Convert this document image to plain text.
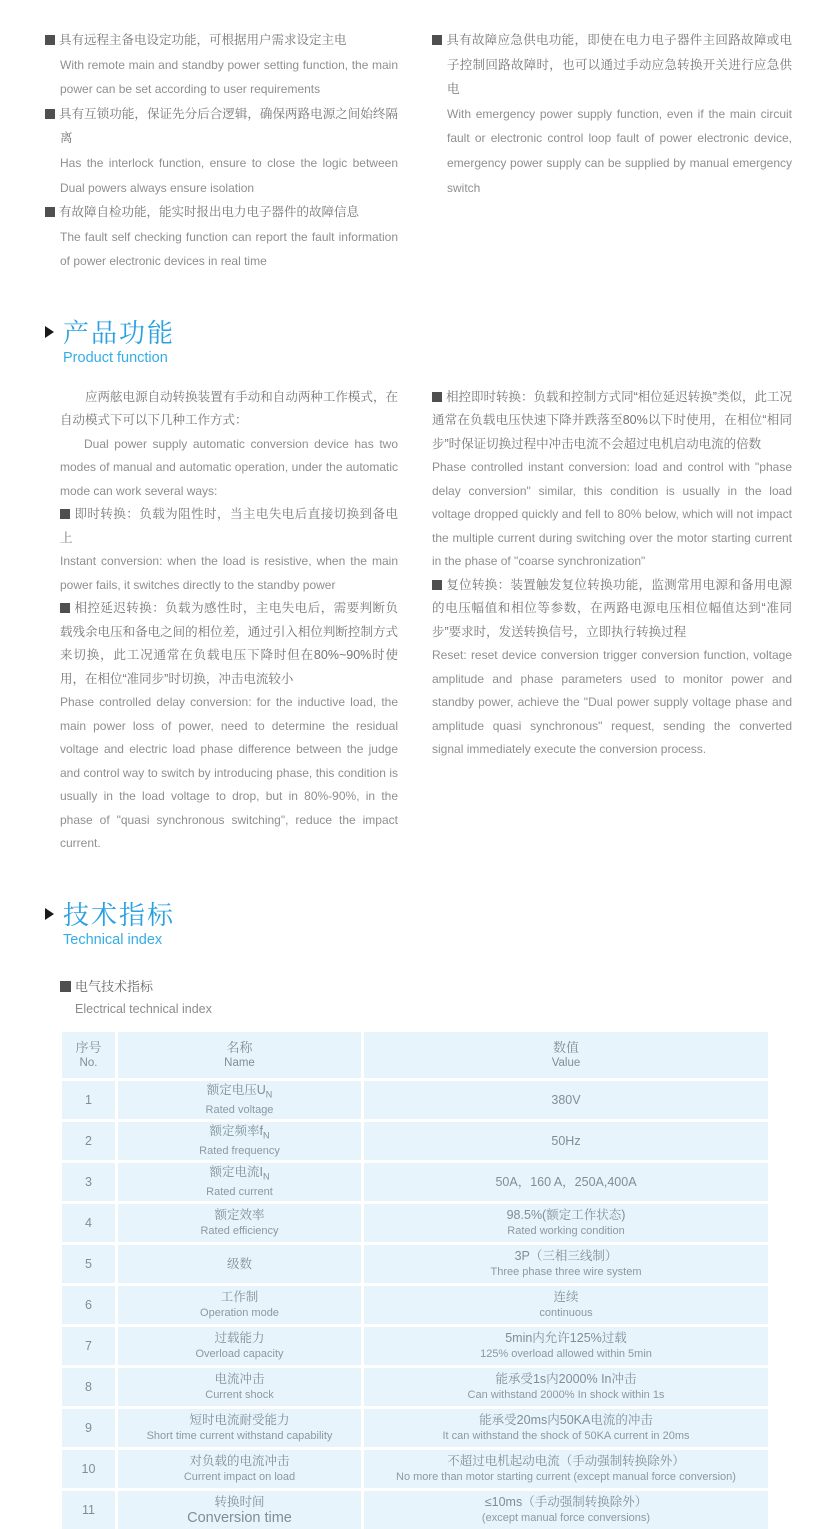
具有远程主备电设定功能，可根据用户需求设定主电
With remote main and standby power setting function, the main power can be set according to user requirements
具有互锁功能，保证先分后合逻辑，确保两路电源之间始终隔离
Has the interlock function, ensure to close the logic between Dual powers always ensure isolation
有故障自检功能，能实时报出电力电子器件的故障信息
The fault self checking function can report the fault information of power electronic devices in real time
具有故障应急供电功能，即使在电力电子器件主回路故障或电子控制回路故障时，也可以通过手动应急转换开关进行应急供电
With emergency power supply function, even if the main circuit fault or electronic control loop fault of power electronic device, emergency power supply can be supplied by manual emergency switch
产品功能
Product function
应两舷电源自动转换装置有手动和自动两种工作模式，在自动模式下可以下几种工作方式：
Dual power supply automatic conversion device has two modes of manual and automatic operation, under the automatic mode can work several ways:
即时转换：负载为阻性时，当主电失电后直接切换到备电上
Instant conversion: when the load is resistive, when the main power fails, it switches directly to the standby power
相控延迟转换：负载为感性时，主电失电后，需要判断负载残余电压和备电之间的相位差，通过引入相位判断控制方式来切换，此工况通常在负载电压下降时但在80%~90%时使用，在相位“准同步”时切换，冲击电流较小
Phase controlled delay conversion: for the inductive load, the main power loss of power, need to determine the residual voltage and electric load phase difference between the judge and control way to switch by introducing phase, this condition is usually in the load voltage to drop, but in 80%-90%, in the phase of "quasi synchronous switching", reduce the impact current.
相控即时转换：负载和控制方式同“相位延迟转换”类似，此工况通常在负载电压快速下降并跌落至80%以下时使用，在相位“相同步”时保证切换过程中冲击电流不会超过电机启动电流的倍数
Phase controlled instant conversion: load and control with "phase delay conversion" similar, this condition is usually in the load voltage dropped quickly and fell to 80% below, which will not impact the multiple current during switching over the motor starting current in the phase of "coarse synchronization"
复位转换：装置触发复位转换功能，监测常用电源和备用电源的电压幅值和相位等参数，在两路电源电压相位幅值达到“准同步”要求时，发送转换信号，立即执行转换过程
Reset: reset device conversion trigger conversion function, voltage amplitude and phase parameters used to monitor power and standby power, achieve the "Dual power supply voltage phase and amplitude quasi synchronous" request, sending the converted signal immediately execute the conversion process.
技术指标
Technical index
电气技术指标
Electrical technical index
序号
No.
名称
Name
数值
Value
1
额定电压$U_N$
Rated voltage
380V
2
额定频率$f_N$
Rated frequency
50Hz
3
额定电流$I_N$
Rated current
50A，160 A，250A,400A
4
额定效率
Rated efficiency
98.5%(额定工作状态)
Rated working condition
5	级数
3P（三相三线制）
Three phase three wire system
6
工作制
Operation mode
连续
continuous
7
过载能力
Overload capacity
5min内允许125%过载
125% overload allowed within 5min
8
电流冲击
Current shock
能承受1s内2000% In冲击
Can withstand 2000% In shock within 1s
9
短时电流耐受能力
Short time current withstand capability
能承受20ms内50KA电流的冲击
It can withstand the shock of 50KA current in 20ms
10
对负载的电流冲击
Current impact on load
不超过电机起动电流（手动强制转换除外）
No more than motor starting current (except manual force conversion)
11
转换时间
Conversion time
≤10ms（手动强制转换除外）
(except manual force conversions)
